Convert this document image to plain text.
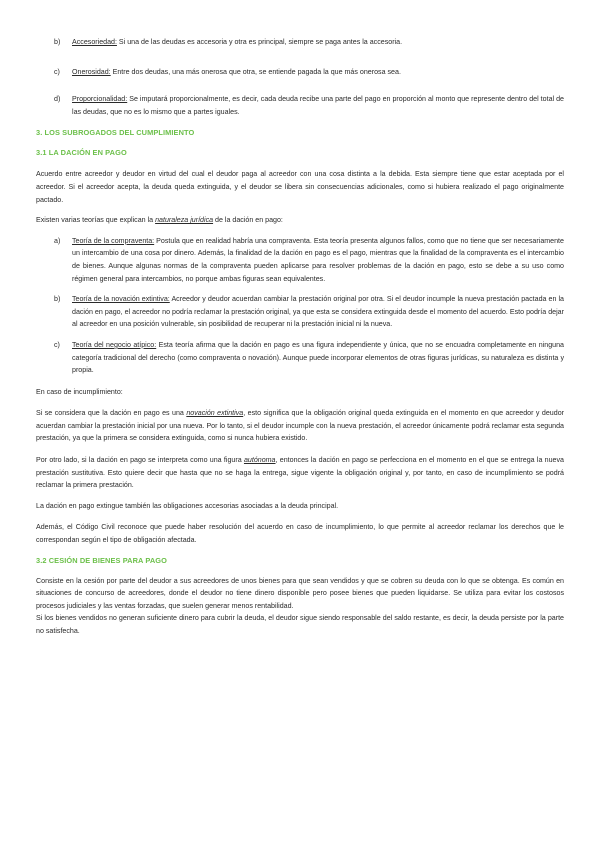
b)	Accesoriedad: Si una de las deudas es accesoria y otra es principal, siempre se paga antes la accesoria.
c)	Onerosidad: Entre dos deudas, una más onerosa que otra, se entiende pagada la que más onerosa sea.
d)	Proporcionalidad: Se imputará proporcionalmente, es decir, cada deuda recibe una parte del pago en proporción al monto que represente dentro del total de las deudas, que no es lo mismo que a partes iguales.
3. LOS SUBROGADOS DEL CUMPLIMIENTO
3.1 LA DACIÓN EN PAGO

Acuerdo entre acreedor y deudor en virtud del cual el deudor paga al acreedor con una cosa distinta a la debida. Esta siempre tiene que estar aceptada por el acreedor. Si el acreedor acepta, la deuda queda extinguida, y el deudor se libera sin consecuencias adicionales, como si hubiera realizado el pago originalmente pactado.

Existen varias teorías que explican la naturaleza jurídica de la dación en pago:

a)	Teoría de la compraventa: Postula que en realidad habría una compraventa. Esta teoría presenta algunos fallos, como que no tiene que ser necesariamente un intercambio de una cosa por dinero. Además, la finalidad de la dación en pago es el pago, mientras que la finalidad de la compraventa es el intercambio de bienes. Aunque algunas normas de la compraventa pueden aplicarse para resolver problemas de la dación en pago, esto se debe a su uso como régimen general para intercambios, no porque ambas figuras sean equivalentes.
b)	Teoría de la novación extintiva: Acreedor y deudor acuerdan cambiar la prestación original por otra. Si el deudor incumple la nueva prestación pactada en la dación en pago, el acreedor no podría reclamar la prestación original, ya que esta se considera extinguida desde el momento del acuerdo. Esto podría dejar al acreedor en una posición vulnerable, sin posibilidad de recuperar ni la prestación inicial ni la nueva.
c)	Teoría del negocio atípico: Esta teoría afirma que la dación en pago es una figura independiente y única, que no se encuadra completamente en ninguna categoría tradicional del derecho (como compraventa o novación). Aunque puede incorporar elementos de otras figuras jurídicas, su naturaleza es distinta y propia.

En caso de incumplimiento:

Si se considera que la dación en pago es una novación extintiva, esto significa que la obligación original queda extinguida en el momento en que acreedor y deudor acuerdan cambiar la prestación inicial por una nueva. Por lo tanto, si el deudor incumple con la nueva prestación, el acreedor únicamente podrá reclamar esta segunda prestación, ya que la primera se considera extinguida, como si nunca hubiera existido.

Por otro lado, si la dación en pago se interpreta como una figura autónoma, entonces la dación en pago se perfecciona en el momento en el que se entrega la nueva prestación sustitutiva. Esto quiere decir que hasta que no se haga la entrega, sigue vigente la obligación original y, por tanto, en caso de incumplimiento se podrá reclamar la primera prestación.

La dación en pago extingue también las obligaciones accesorias asociadas a la deuda principal.

Además, el Código Civil reconoce que puede haber resolución del acuerdo en caso de incumplimiento, lo que permite al acreedor reclamar los derechos que le correspondan según el tipo de obligación afectada.

3.2 CESIÓN DE BIENES PARA PAGO

Consiste en la cesión por parte del deudor a sus acreedores de unos bienes para que sean vendidos y que se cobren su deuda con lo que se obtenga. Es común en situaciones de concurso de acreedores, donde el deudor no tiene dinero disponible pero posee bienes que pueden liquidarse. Se utiliza para evitar los costosos procesos judiciales y las ventas forzadas, que suelen generar menos rentabilidad.

Si los bienes vendidos no generan suficiente dinero para cubrir la deuda, el deudor sigue siendo responsable del saldo restante, es decir, la deuda persiste por la parte no satisfecha.
